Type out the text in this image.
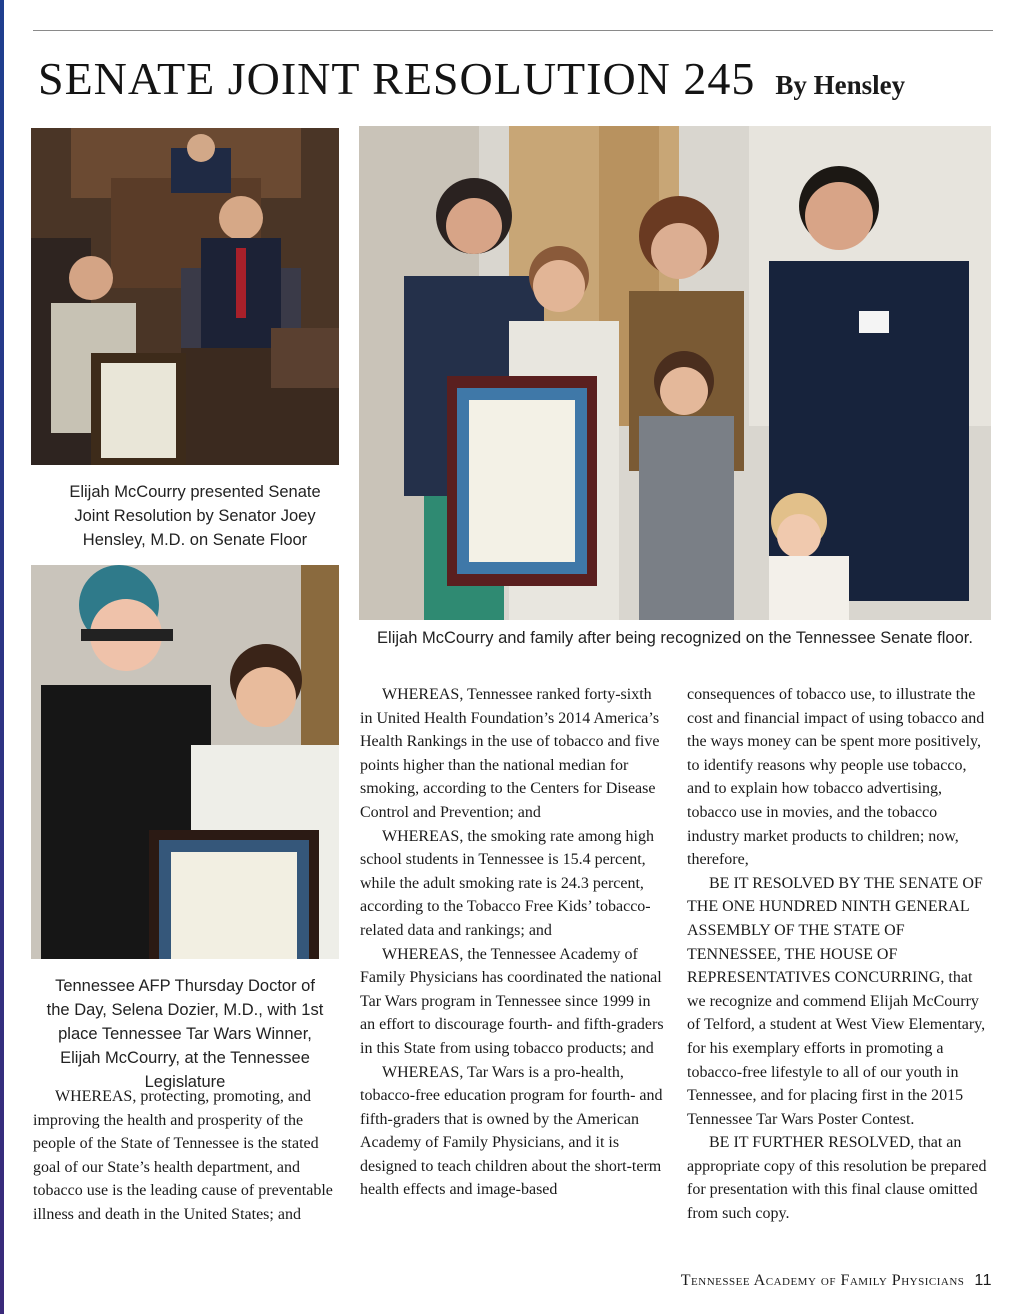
SENATE JOINT RESOLUTION 245 By Hensley
Elijah McCourry presented Senate Joint Resolution by Senator Joey Hensley, M.D. on Senate Floor
Elijah McCourry and family after being recognized on the Tennessee Senate floor.
Tennessee AFP Thursday Doctor of the Day, Selena Dozier, M.D., with 1st place Tennessee Tar Wars Winner, Elijah McCourry, at the Tennessee Legislature

WHEREAS, protecting, promoting, and improving the health and prosperity of the people of the State of Tennessee is the stated goal of our State’s health department, and tobacco use is the leading cause of preventable illness and death in the United States; and

WHEREAS, Tennessee ranked forty-sixth in United Health Foundation’s 2014 America’s Health Rankings in the use of tobacco and five points higher than the national median for smoking, according to the Centers for Disease Control and Prevention; and

WHEREAS, the smoking rate among high school students in Tennessee is 15.4 percent, while the adult smoking rate is 24.3 percent, according to the Tobacco Free Kids’ tobacco- related data and rankings; and

WHEREAS, the Tennessee Academy of Family Physicians has coordinated the national Tar Wars program in Tennessee since 1999 in an effort to discourage fourth- and fifth-graders in this State from using tobacco products; and

WHEREAS, Tar Wars is a pro-health, tobacco-free education program for fourth- and fifth-graders that is owned by the American Academy of Family Physicians, and it is designed to teach children about the short-term health effects and image-based

consequences of tobacco use, to illustrate the cost and financial impact of using tobacco and the ways money can be spent more positively, to identify reasons why people use tobacco, and to explain how tobacco advertising, tobacco use in movies, and the tobacco industry market products to children; now, therefore,

BE IT RESOLVED BY THE SENATE OF THE ONE HUNDRED NINTH GENERAL ASSEMBLY OF THE STATE OF TENNESSEE, THE HOUSE OF REPRESENTATIVES CONCURRING, that we recognize and commend Elijah McCourry of Telford, a student at West View Elementary, for his exemplary efforts in promoting a tobacco-free lifestyle to all of our youth in Tennessee, and for placing first in the 2015 Tennessee Tar Wars Poster Contest.

BE IT FURTHER RESOLVED, that an appropriate copy of this resolution be prepared for presentation with this final clause omitted from such copy.

Tennessee Academy of Family Physicians 11
